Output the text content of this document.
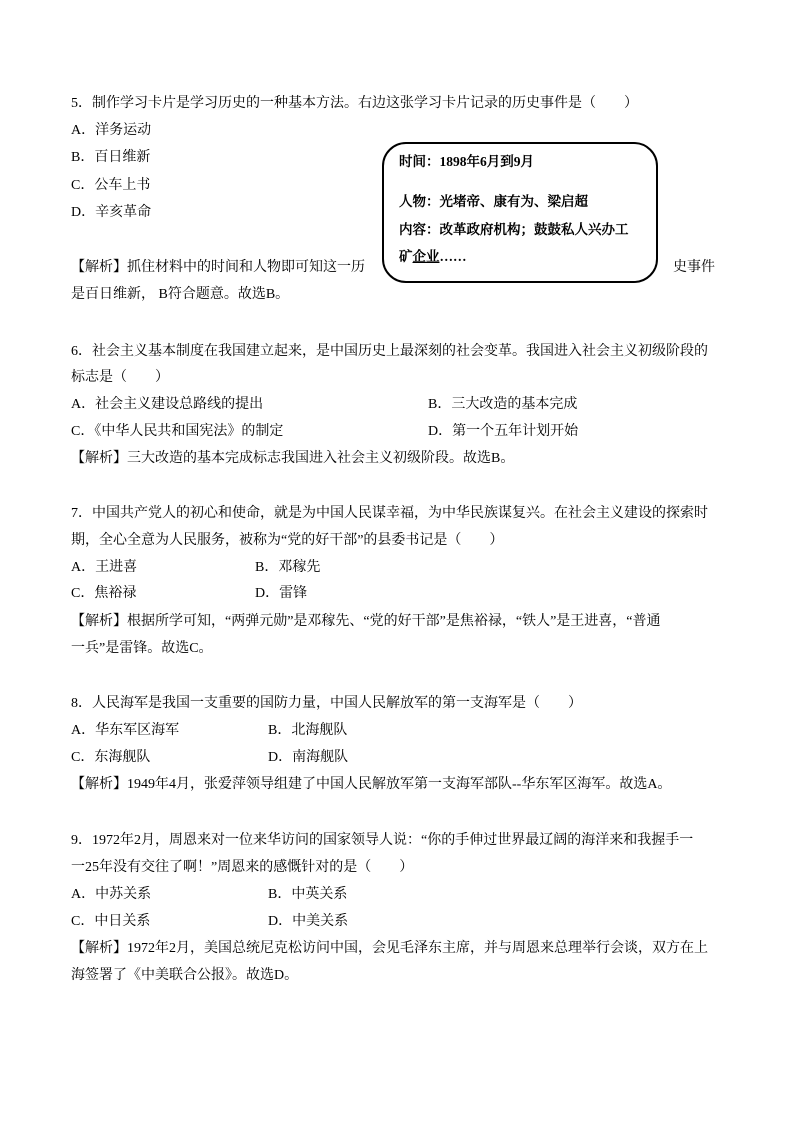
5．制作学习卡片是学习历史的一种基本方法。右边这张学习卡片记录的历史事件是（　　）
A．洋务运动
B．百日维新
C．公车上书
D．辛亥革命
【解析】抓住材料中的时间和人物即可知这一历	史事件
是百日维新， B符合题意。故选B。
时间：1898年6月到9月
人物：光堵帝、康有为、梁启超
内容：改革政府机构；鼓鼓私人兴办工
矿企业……
6．社会主义基本制度在我国建立起来，是中国历史上最深刻的社会变革。我国进入社会主义初级阶段的
标志是（　　）
A．社会主义建设总路线的提出	B．三大改造的基本完成
C．《中华人民共和国宪法》的制定	D．第一个五年计划开始
【解析】三大改造的基本完成标志我国进入社会主义初级阶段。故选B。
7．中国共产党人的初心和使命，就是为中国人民谋幸福，为中华民族谋复兴。在社会主义建设的探索时
期，全心全意为人民服务，被称为“党的好干部”的县委书记是（　　）
A．王进喜	B．邓稼先
C．焦裕禄	D．雷锋
【解析】根据所学可知，“两弹元勋”是邓稼先、“党的好干部”是焦裕禄，“铁人”是王进喜，“普通
一兵”是雷锋。故选C。
8．人民海军是我国一支重要的国防力量，中国人民解放军的第一支海军是（　　）
A．华东军区海军	B．北海舰队
C．东海舰队	D．南海舰队
【解析】1949年4月，张爱萍领导组建了中国人民解放军第一支海军部队--华东军区海军。故选A。
9．1972年2月，周恩来对一位来华访问的国家领导人说：“你的手伸过世界最辽阔的海洋来和我握手一
一25年没有交往了啊！”周恩来的感慨针对的是（　　）
A．中苏关系	B．中英关系
C．中日关系	D．中美关系
【解析】1972年2月，美国总统尼克松访问中国，会见毛泽东主席，并与周恩来总理举行会谈，双方在上
海签署了《中美联合公报》。故选D。
